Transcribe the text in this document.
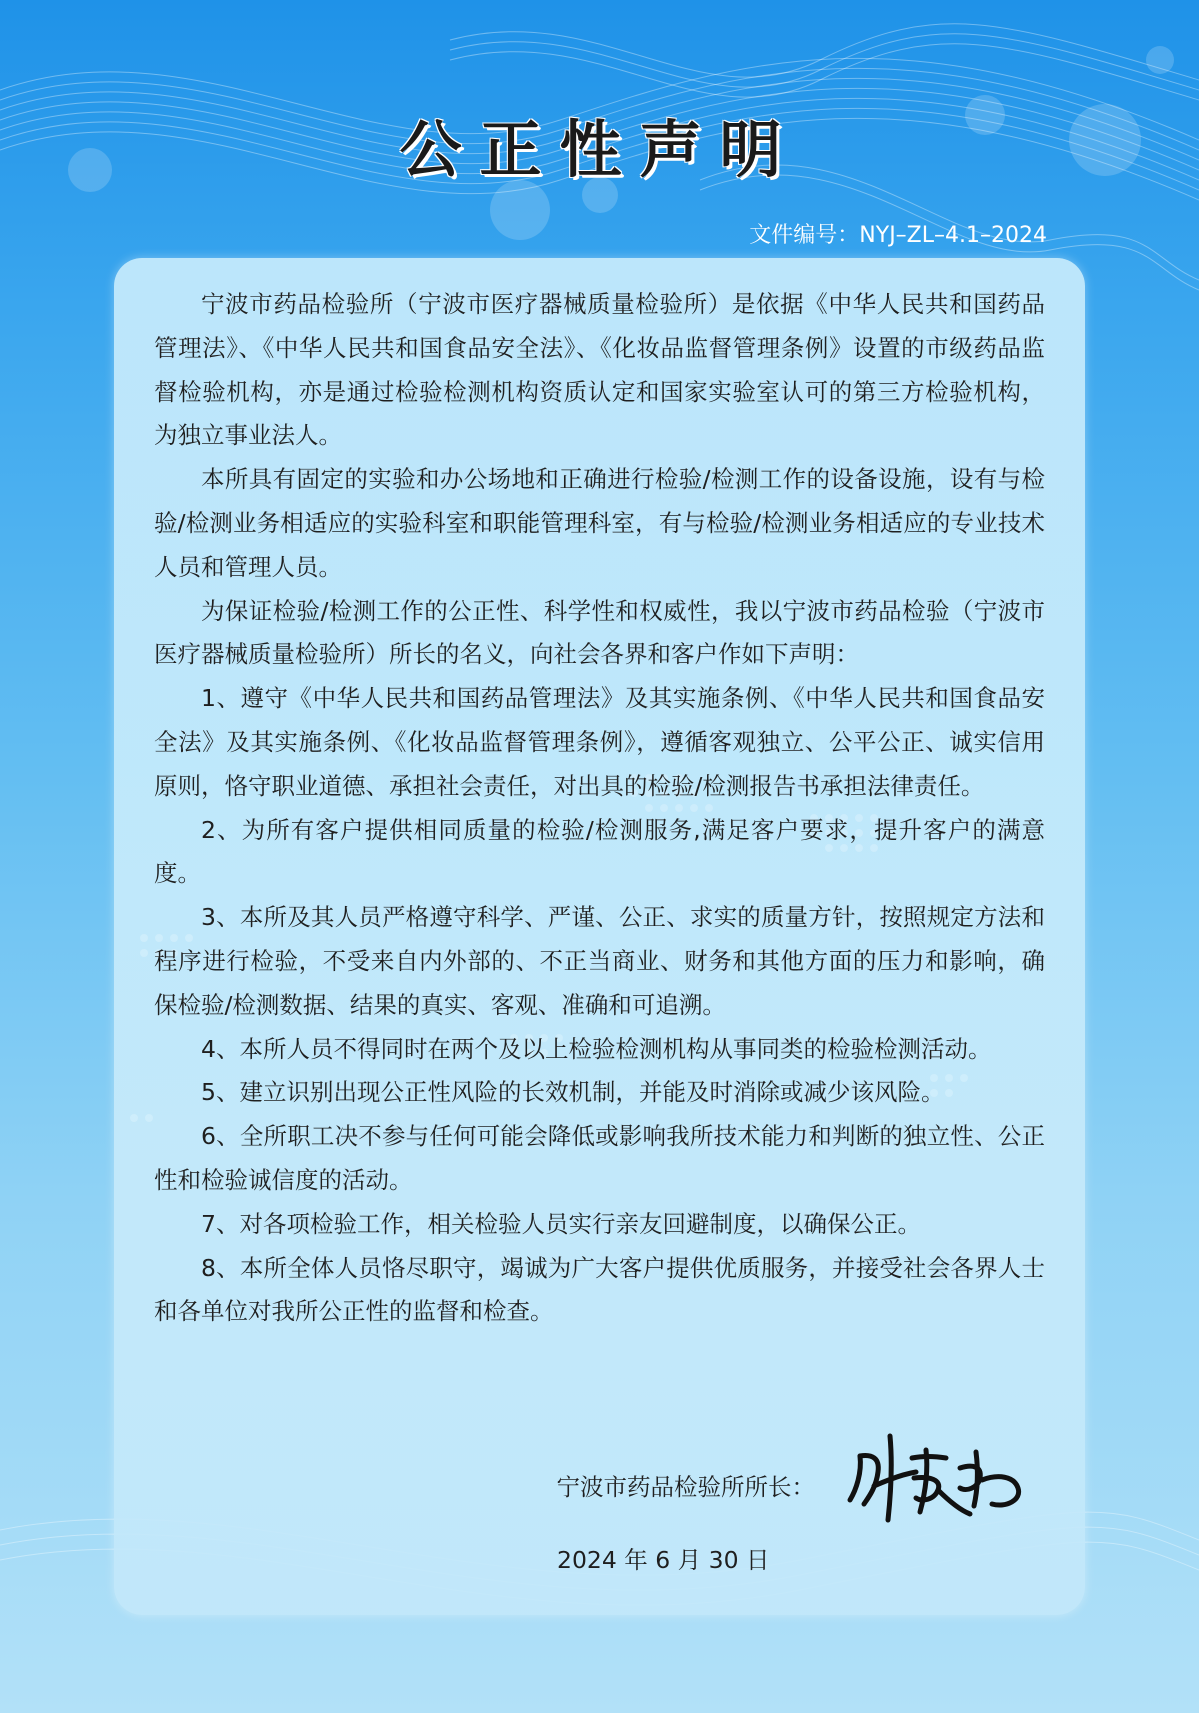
公正性声明
文件编号：NYJ–ZL–4.1–2024

宁波市药品检验所（宁波市医疗器械质量检验所）是依据《中华人民共和国药品管理法》、《中华人民共和国食品安全法》、《化妆品监督管理条例》设置的市级药品监督检验机构，亦是通过检验检测机构资质认定和国家实验室认可的第三方检验机构，为独立事业法人。

本所具有固定的实验和办公场地和正确进行检验/检测工作的设备设施，设有与检验/检测业务相适应的实验科室和职能管理科室，有与检验/检测业务相适应的专业技术人员和管理人员。

为保证检验/检测工作的公正性、科学性和权威性，我以宁波市药品检验（宁波市医疗器械质量检验所）所长的名义，向社会各界和客户作如下声明：

1、遵守《中华人民共和国药品管理法》及其实施条例、《中华人民共和国食品安全法》及其实施条例、《化妆品监督管理条例》，遵循客观独立、公平公正、诚实信用原则，恪守职业道德、承担社会责任，对出具的检验/检测报告书承担法律责任。

2、为所有客户提供相同质量的检验/检测服务,满足客户要求，提升客户的满意度。

3、本所及其人员严格遵守科学、严谨、公正、求实的质量方针，按照规定方法和程序进行检验，不受来自内外部的、不正当商业、财务和其他方面的压力和影响，确保检验/检测数据、结果的真实、客观、准确和可追溯。

4、本所人员不得同时在两个及以上检验检测机构从事同类的检验检测活动。

5、建立识别出现公正性风险的长效机制，并能及时消除或减少该风险。

6、全所职工决不参与任何可能会降低或影响我所技术能力和判断的独立性、公正性和检验诚信度的活动。

7、对各项检验工作，相关检验人员实行亲友回避制度，以确保公正。

8、本所全体人员恪尽职守，竭诚为广大客户提供优质服务，并接受社会各界人士和各单位对我所公正性的监督和检查。

宁波市药品检验所所长：
2024 年 6 月 30 日
